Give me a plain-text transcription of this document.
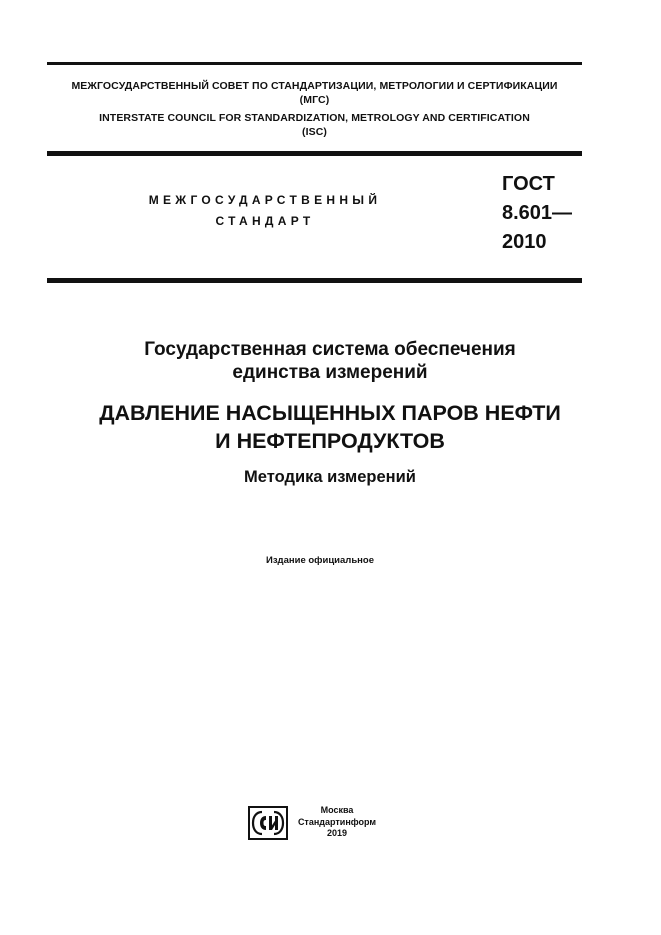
МЕЖГОСУДАРСТВЕННЫЙ СОВЕТ ПО СТАНДАРТИЗАЦИИ, МЕТРОЛОГИИ И СЕРТИФИКАЦИИ
(МГС)
INTERSTATE COUNCIL FOR STANDARDIZATION, METROLOGY AND CERTIFICATION
(ISC)
МЕЖГОСУДАРСТВЕННЫЙ
СТАНДАРТ
ГОСТ
8.601—
2010
Государственная система обеспечения
единства измерений
ДАВЛЕНИЕ НАСЫЩЕННЫХ ПАРОВ НЕФТИ
И НЕФТЕПРОДУКТОВ
Методика измерений
Издание официальное
Москва
Стандартинформ
2019
